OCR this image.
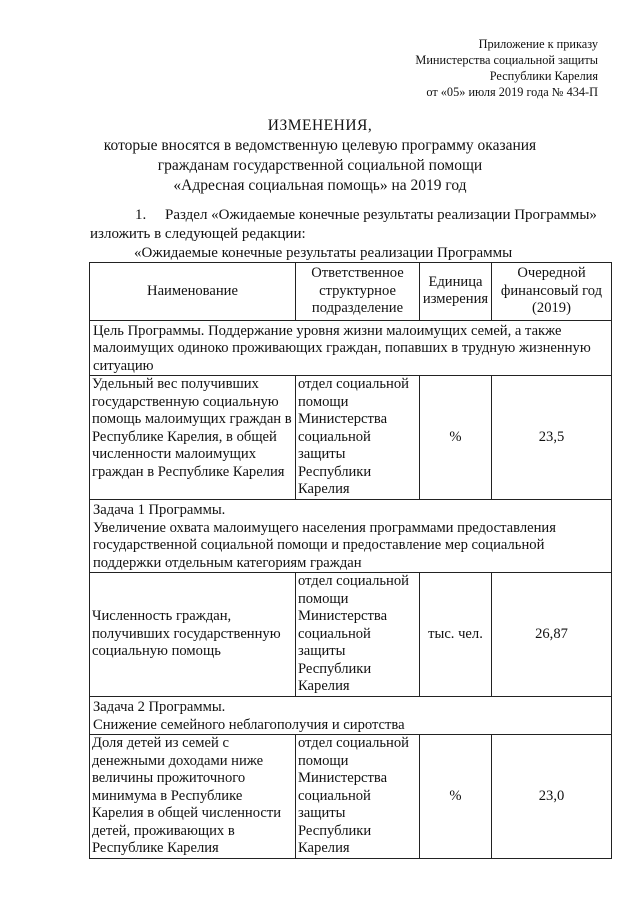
Приложение к приказу
Министерства социальной защиты
Республики Карелия
от «05» июля 2019 года № 434-П
ИЗМЕНЕНИЯ,
которые вносятся в ведомственную целевую программу оказания
гражданам государственной социальной помощи
«Адресная социальная помощь» на 2019 год
1. Раздел «Ожидаемые конечные результаты реализации Программы»
изложить в следующей редакции:
«Ожидаемые конечные результаты реализации Программы
Наименование	Ответственное структурное подразделение	Единица измерения	Очередной финансовый год (2019)
Цель Программы. Поддержание уровня жизни малоимущих семей, а также малоимущих одиноко проживающих граждан, попавших в трудную жизненную ситуацию			
Удельный вес получивших государственную социальную помощь малоимущих граждан в Республике Карелия, в общей численности малоимущих граждан в Республике Карелия	отдел социальной помощи Министерства социальной защиты Республики Карелия	%	23,5

Задача 1 Программы.
Увеличение охвата малоимущего населения программами предоставления государственной социальной помощи и предоставление мер социальной поддержки отдельным категориям граждан			

Численность граждан, получивших государственную социальную помощь	отдел социальной помощи Министерства социальной защиты Республики Карелия	тыс. чел.	26,87

Задача 2 Программы.
Снижение семейного неблагополучия и сиротства			

Доля детей из семей с денежными доходами ниже величины прожиточного минимума в Республике Карелия в общей численности детей, проживающих в Республике Карелия	отдел социальной помощи Министерства социальной защиты Республики Карелия	%	23,0
